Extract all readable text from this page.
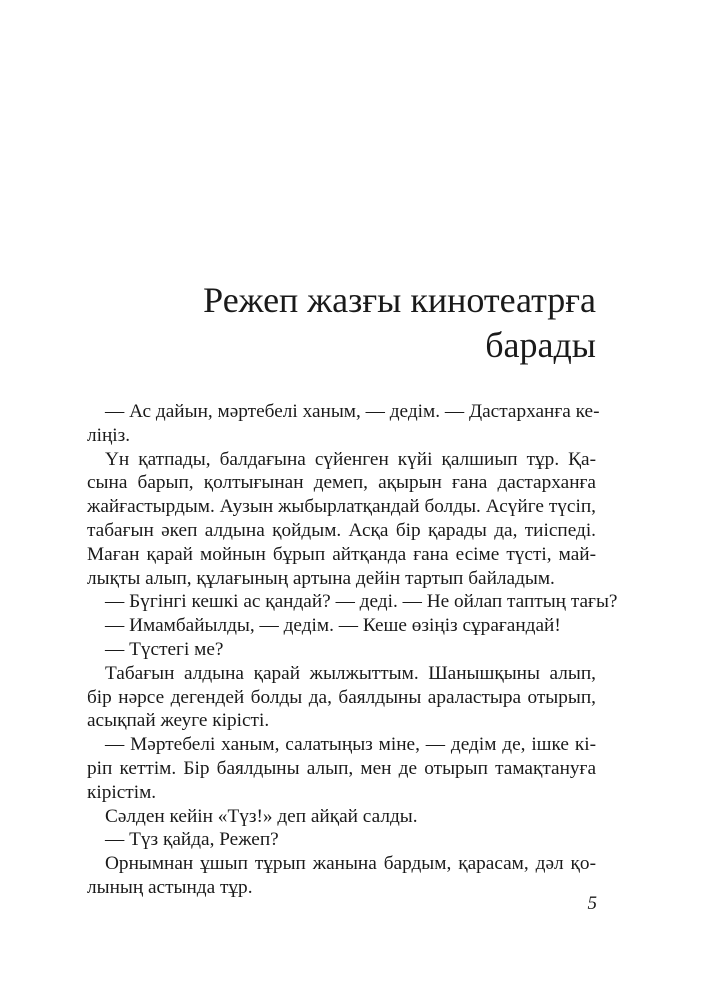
Режеп жазғы кинотеатрға
барады
— Ас дайын, мәртебелі ханым, — дедім. — Дастарханға ке-
ліңіз.
Үн қатпады, балдағына сүйенген күйі қалшиып тұр. Қа-
сына барып, қолтығынан демеп, ақырын ғана дастарханға
жайғастырдым. Аузын жыбырлатқандай болды. Асүйге түсіп,
табағын әкеп алдына қойдым. Асқа бір қарады да, тиіспеді.
Маған қарай мойнын бұрып айтқанда ғана есіме түсті, май-
лықты алып, құлағының артына дейін тартып байладым.
— Бүгінгі кешкі ас қандай? — деді. — Не ойлап таптың тағы?
— Имамбайылды, — дедім. — Кеше өзіңіз сұрағандай!
— Түстегі ме?
Табағын алдына қарай жылжыттым. Шанышқыны алып,
бір нәрсе дегендей болды да, баялдыны араластыра отырып,
асықпай жеуге кірісті.
— Мәртебелі ханым, салатыңыз міне, — дедім де, ішке кі-
ріп кеттім. Бір баялдыны алып, мен де отырып тамақтануға
кірістім.
Сәлден кейін «Түз!» деп айқай салды.
— Түз қайда, Режеп?
Орнымнан ұшып тұрып жанына бардым, қарасам, дәл қо-
лының астында тұр.
5
